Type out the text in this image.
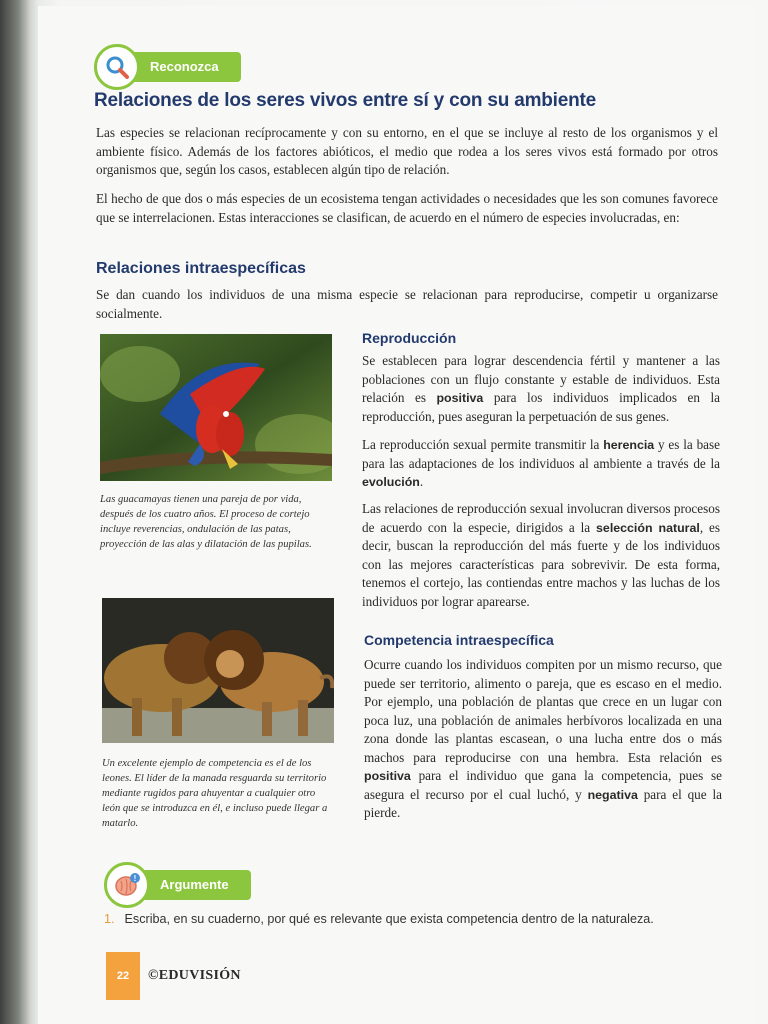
Reconozca
Relaciones de los seres vivos entre sí y con su ambiente

Las especies se relacionan recíprocamente y con su entorno, en el que se incluye al resto de los organismos y el ambiente físico. Además de los factores abióticos, el medio que rodea a los seres vivos está formado por otros organismos que, según los casos, establecen algún tipo de relación.

El hecho de que dos o más especies de un ecosistema tengan actividades o necesidades que les son comunes favorece que se interrelacionen. Estas interacciones se clasifican, de acuerdo en el número de especies involucradas, en:

Relaciones intraespecíficas

Se dan cuando los individuos de una misma especie se relacionan para reproducirse, competir u organizarse socialmente.

Las guacamayas tienen una pareja de por vida, después de los cuatro años. El proceso de cortejo incluye reverencias, ondulación de las patas, proyección de las alas y dilatación de las pupilas.
Un excelente ejemplo de competencia es el de los leones. El líder de la manada resguarda su territorio mediante rugidos para ahuyentar a cualquier otro león que se introduzca en él, e incluso puede llegar a matarlo.
Reproducción

Se establecen para lograr descendencia fértil y mantener a las poblaciones con un flujo constante y estable de individuos. Esta relación es positiva para los individuos implicados en la reproducción, pues aseguran la perpetuación de sus genes.

La reproducción sexual permite transmitir la herencia y es la base para las adaptaciones de los individuos al ambiente a través de la evolución.

Las relaciones de reproducción sexual involucran diversos procesos de acuerdo con la especie, dirigidos a la selección natural, es decir, buscan la reproducción del más fuerte y de los individuos con las mejores características para sobrevivir. De esta forma, tenemos el cortejo, las contiendas entre machos y las luchas de los individuos por lograr aparearse.

Competencia intraespecífica

Ocurre cuando los individuos compiten por un mismo recurso, que puede ser territorio, alimento o pareja, que es escaso en el medio. Por ejemplo, una población de plantas que crece en un lugar con poca luz, una población de animales herbívoros localizada en una zona donde las plantas escasean, o una lucha entre dos o más machos para reproducirse con una hembra. Esta relación es positiva para el individuo que gana la competencia, pues se asegura el recurso por el cual luchó, y negativa para el que la pierde.

!	Argumente
1. Escriba, en su cuaderno, por qué es relevante que exista competencia dentro de la naturaleza.
22	©EDUVISIÓN
